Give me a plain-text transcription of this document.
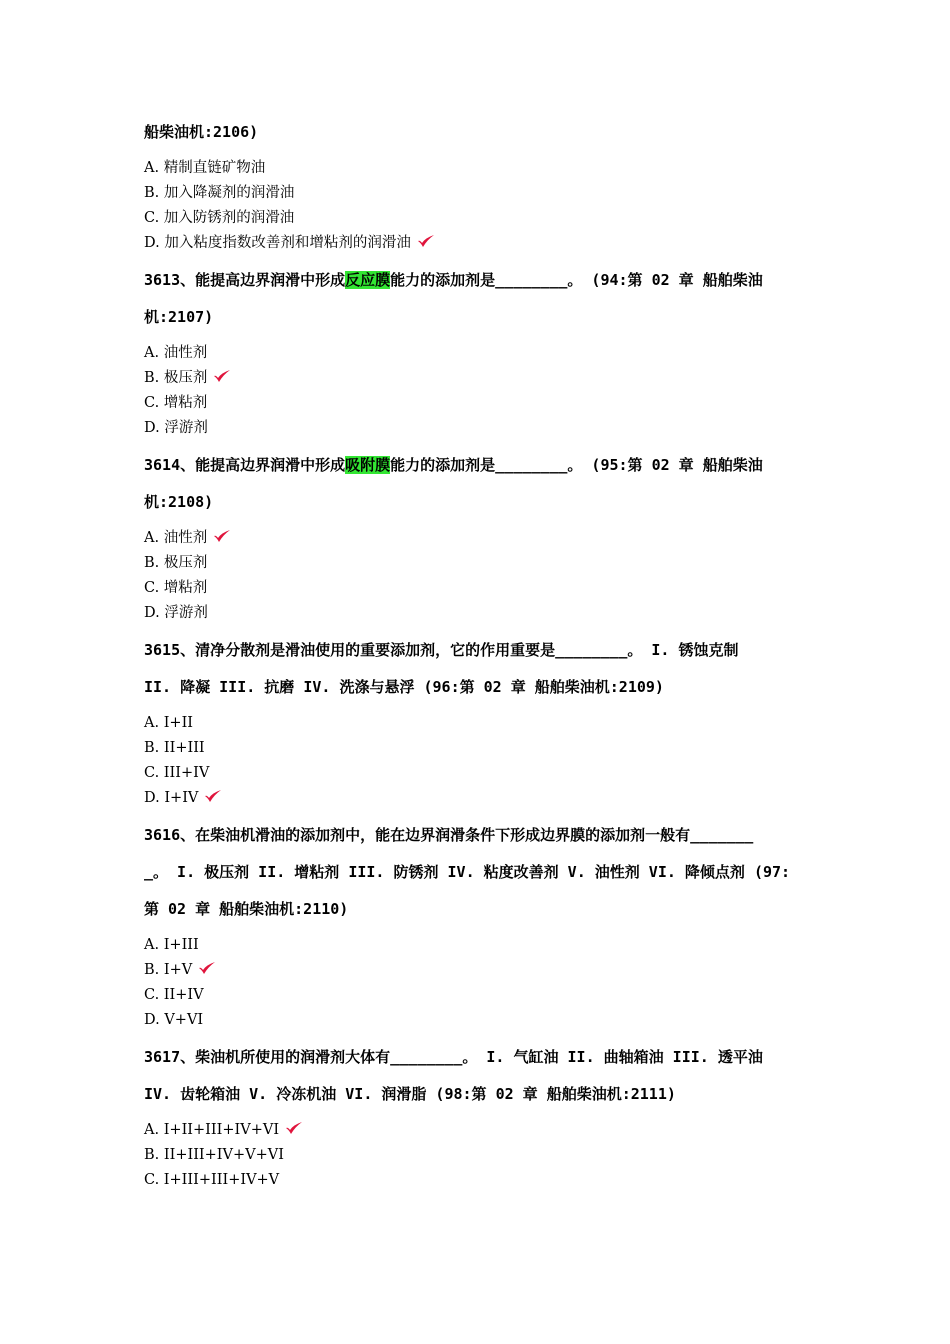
船柴油机:2106)

A. 精制直链矿物油
B. 加入降凝剂的润滑油
C. 加入防锈剂的润滑油
D. 加入粘度指数改善剂和增粘剂的润滑油

3613、能提高边界润滑中形成反应膜能力的添加剂是________。 (94:第 02 章 船舶柴油

机:2107)

A. 油性剂
B. 极压剂
C. 增粘剂
D. 浮游剂

3614、能提高边界润滑中形成吸附膜能力的添加剂是________。 (95:第 02 章 船舶柴油

机:2108)

A. 油性剂
B. 极压剂
C. 增粘剂
D. 浮游剂

3615、清净分散剂是滑油使用的重要添加剂，它的作用重要是________。 I. 锈蚀克制

II. 降凝 III. 抗磨 IV. 洗涤与悬浮 (96:第 02 章 船舶柴油机:2109)

A. I+II
B. II+III
C. III+IV
D. I+IV

3616、在柴油机滑油的添加剂中，能在边界润滑条件下形成边界膜的添加剂一般有_______

_。 I. 极压剂 II. 增粘剂 III. 防锈剂 IV. 粘度改善剂 V. 油性剂 VI. 降倾点剂 (97:

第 02 章 船舶柴油机:2110)

A. I+III
B. I+V
C. II+IV
D. V+VI

3617、柴油机所使用的润滑剂大体有________。 I. 气缸油 II. 曲轴箱油 III. 透平油

IV. 齿轮箱油 V. 冷冻机油 VI. 润滑脂 (98:第 02 章 船舶柴油机:2111)

A. I+II+III+IV+VI
B. II+III+IV+V+VI
C. I+III+III+IV+V
